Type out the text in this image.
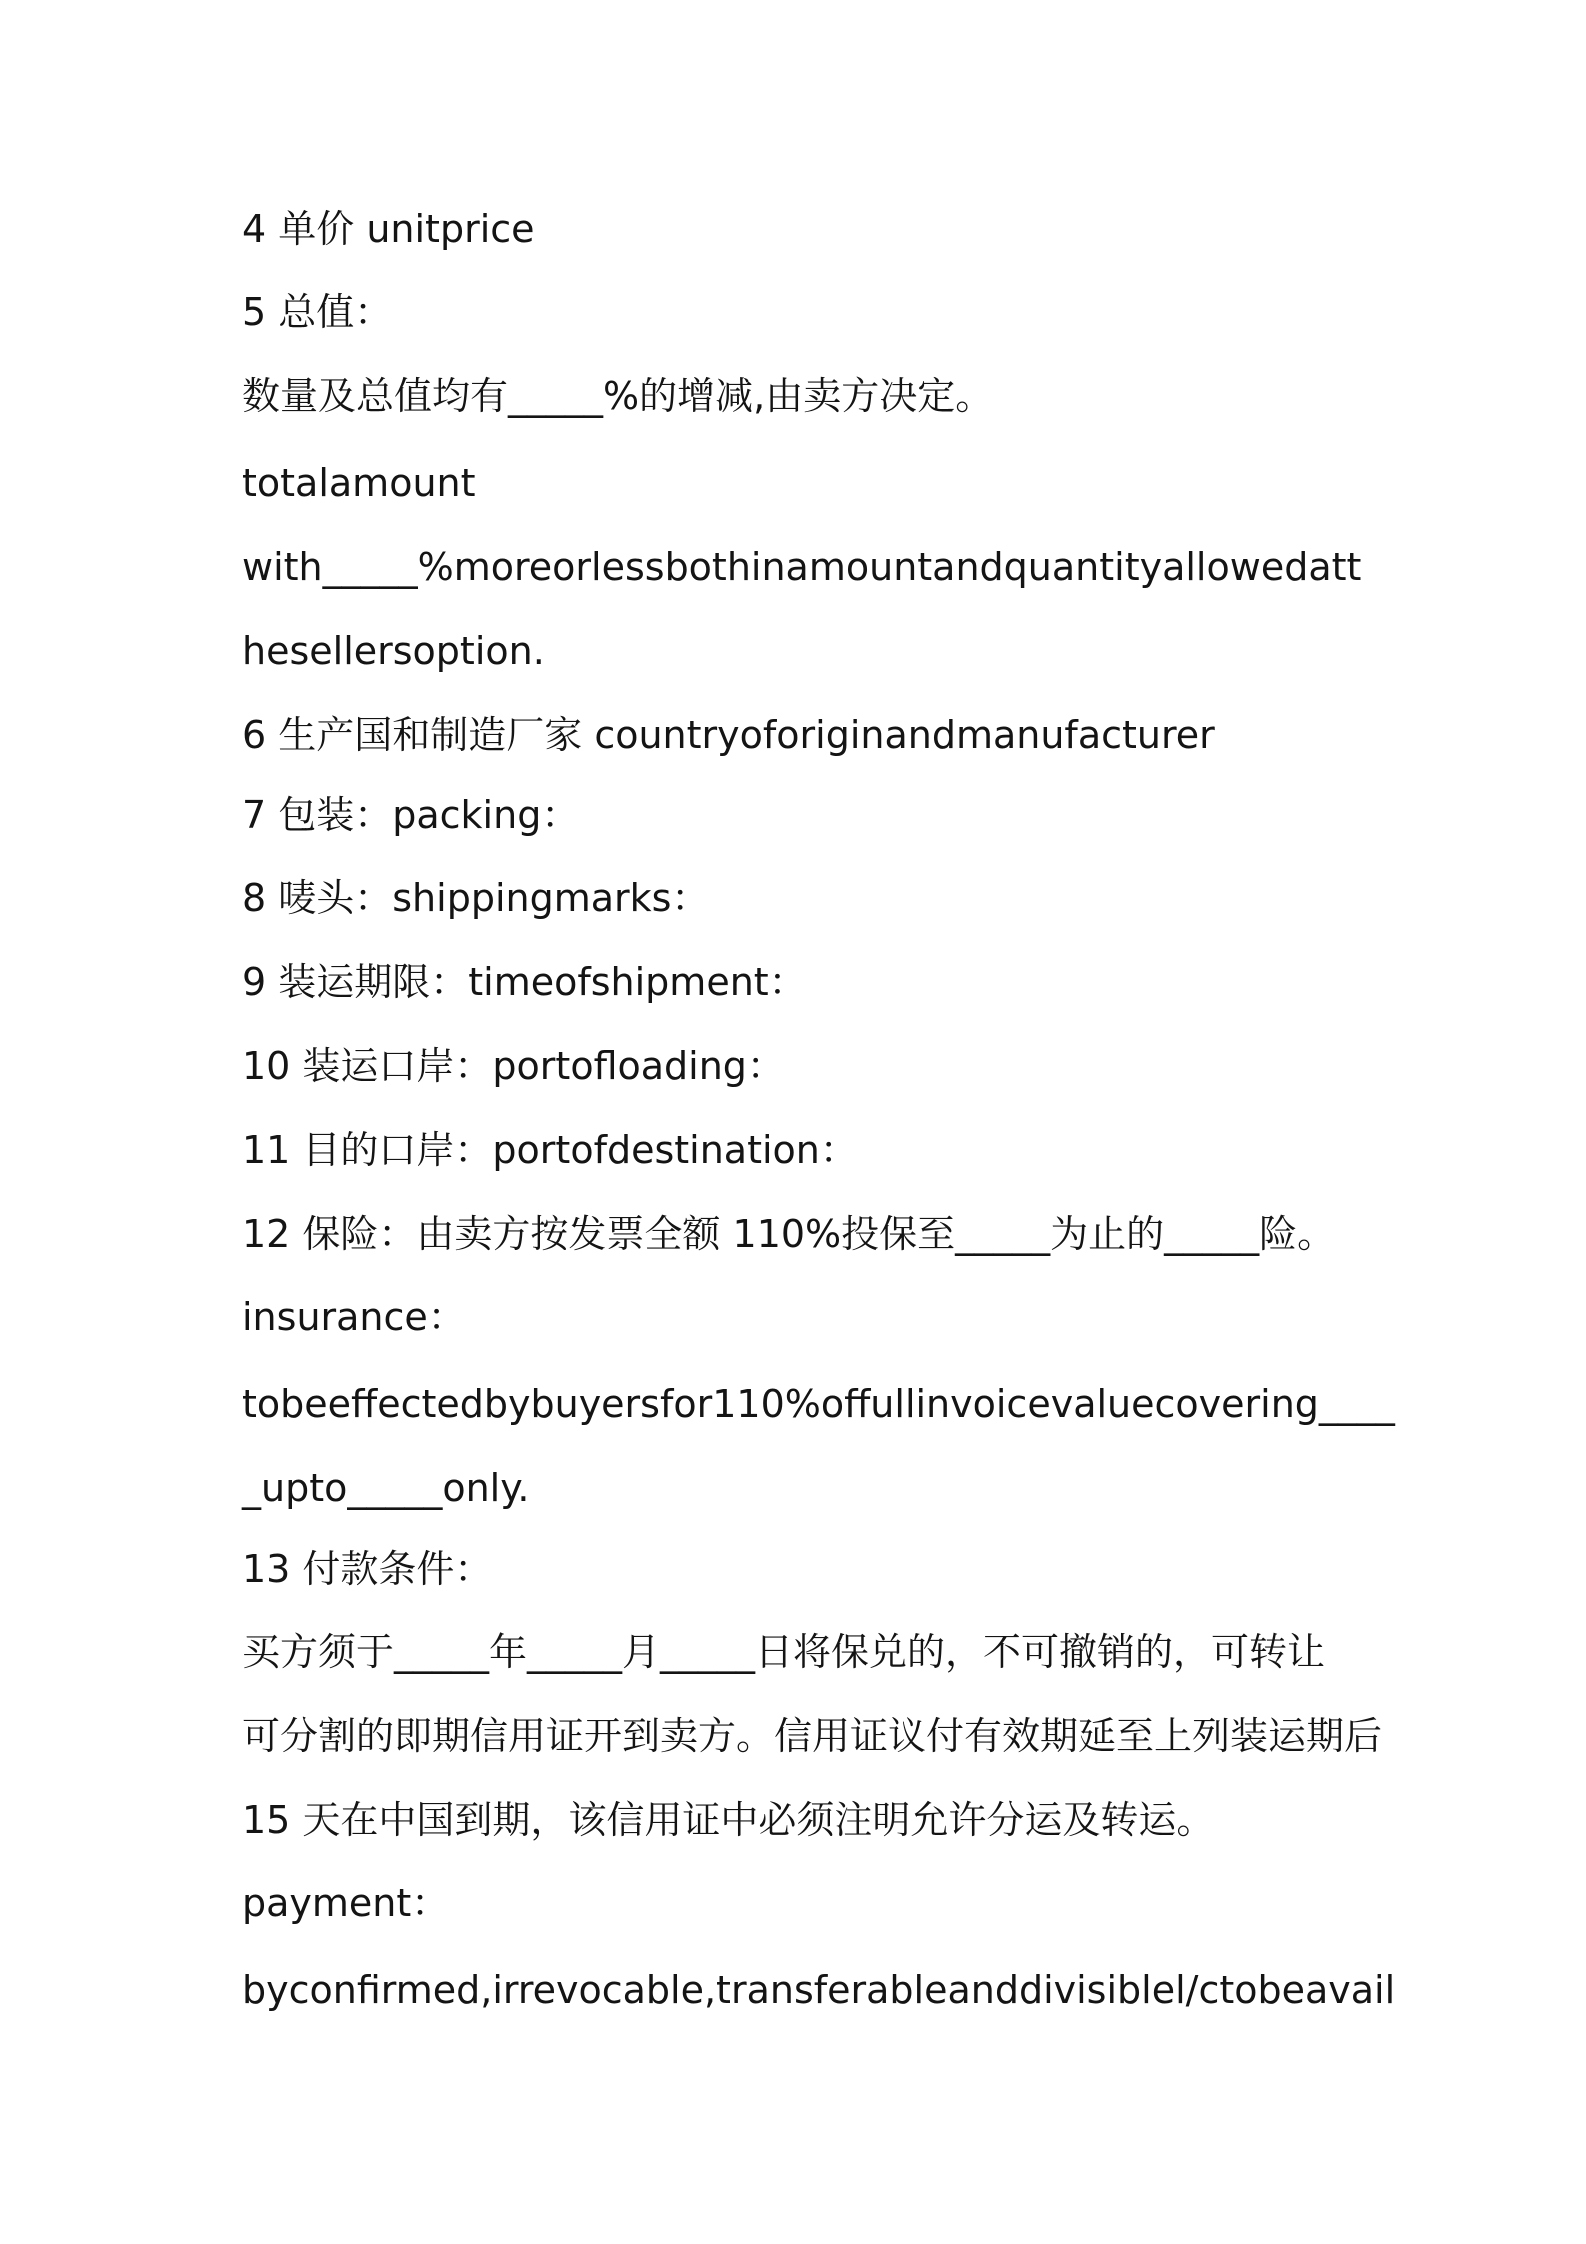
4 单价 unitprice
5 总值：
数量及总值均有_____%的增减,由卖方决定。
totalamount
with_____%moreorlessbothinamountandquantityallowedatt
hesellersoption.
6 生产国和制造厂家 countryoforiginandmanufacturer
7 包装：packing：
8 唛头：shippingmarks：
9 装运期限：timeofshipment：
10 装运口岸：portofloading：
11 目的口岸：portofdestination：
12 保险：由卖方按发票全额 110%投保至_____为止的_____险。
insurance：
tobeeffectedbybuyersfor110%offullinvoicevaluecovering____
_upto_____only.
13 付款条件：
买方须于_____年_____月_____日将保兑的，不可撤销的，可转让
可分割的即期信用证开到卖方。信用证议付有效期延至上列装运期后
15 天在中国到期，该信用证中必须注明允许分运及转运。
payment：
byconfirmed,irrevocable,transferableanddivisiblel/ctobeavail
